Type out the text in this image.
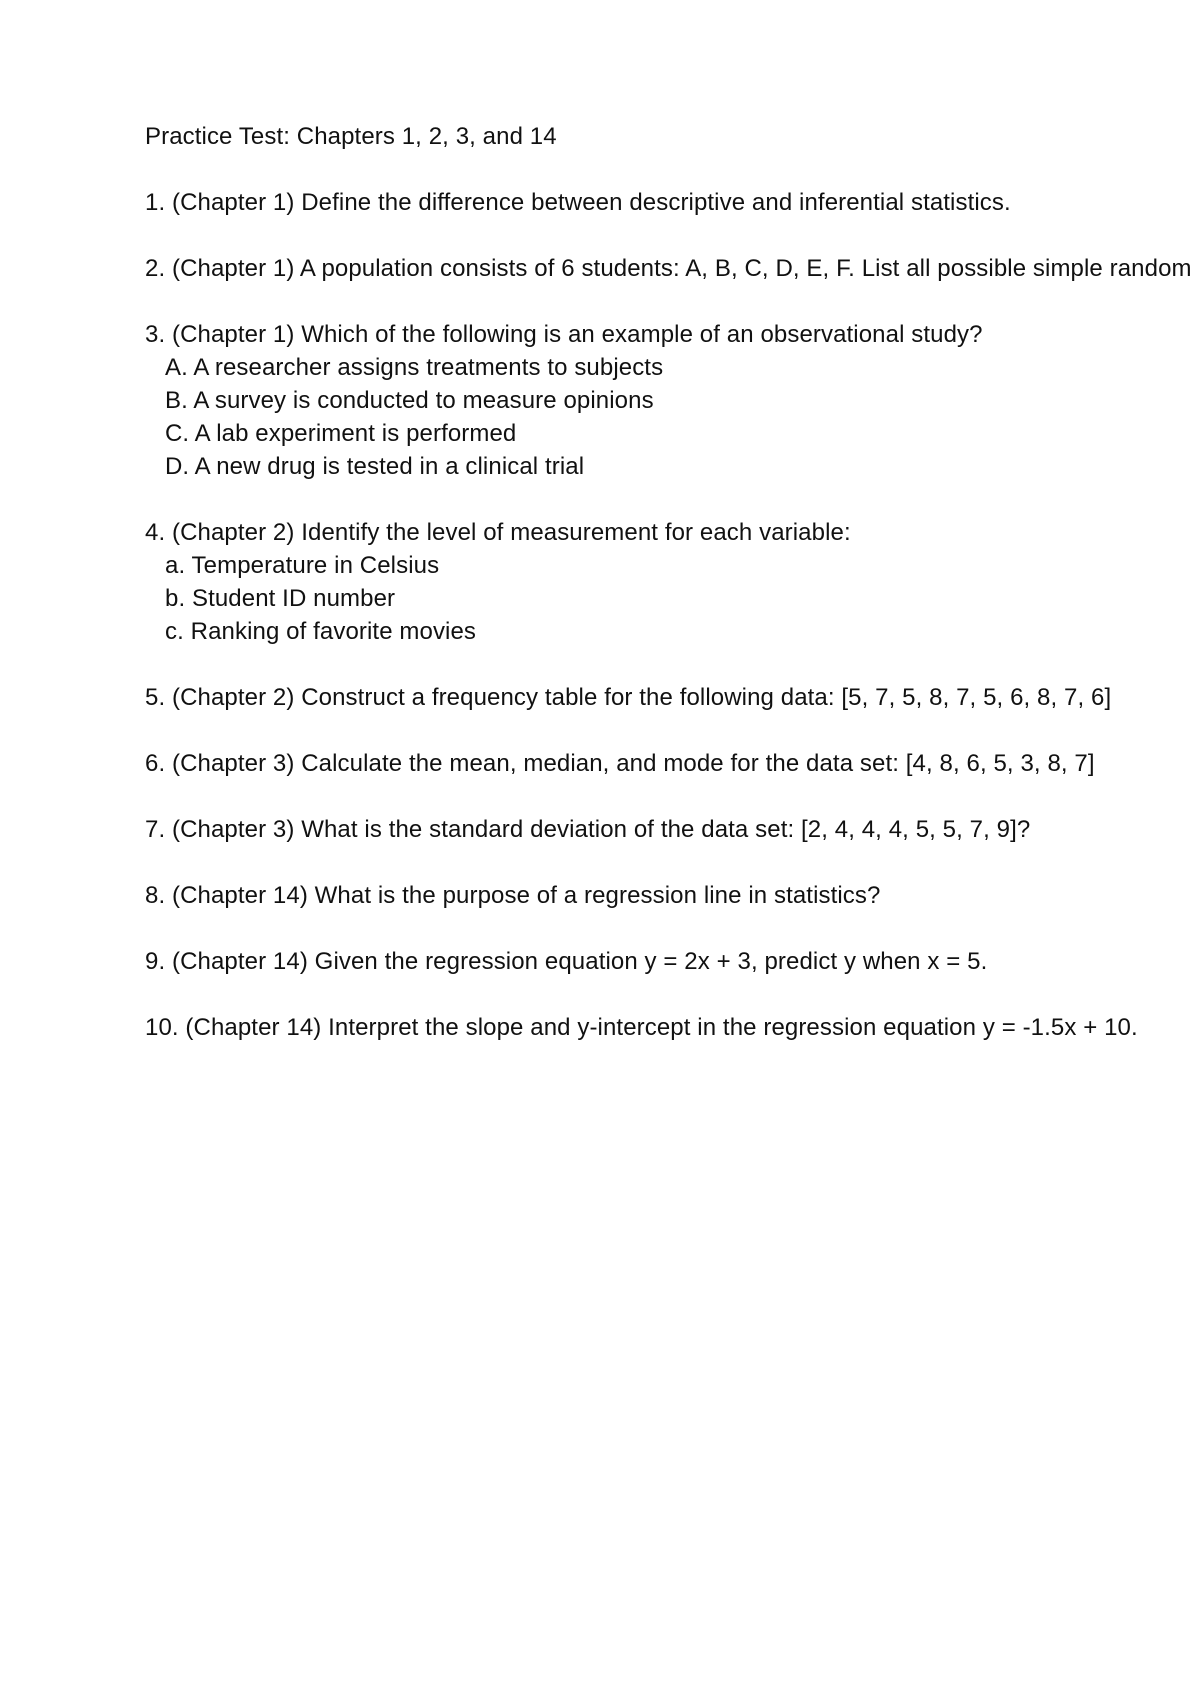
Practice Test: Chapters 1, 2, 3, and 14
1. (Chapter 1) Define the difference between descriptive and inferential statistics.
2. (Chapter 1) A population consists of 6 students: A, B, C, D, E, F. List all possible simple random
3. (Chapter 1) Which of the following is an example of an observational study?
A. A researcher assigns treatments to subjects
B. A survey is conducted to measure opinions
C. A lab experiment is performed
D. A new drug is tested in a clinical trial
4. (Chapter 2) Identify the level of measurement for each variable:
a. Temperature in Celsius
b. Student ID number
c. Ranking of favorite movies
5. (Chapter 2) Construct a frequency table for the following data: [5, 7, 5, 8, 7, 5, 6, 8, 7, 6]
6. (Chapter 3) Calculate the mean, median, and mode for the data set: [4, 8, 6, 5, 3, 8, 7]
7. (Chapter 3) What is the standard deviation of the data set: [2, 4, 4, 4, 5, 5, 7, 9]?
8. (Chapter 14) What is the purpose of a regression line in statistics?
9. (Chapter 14) Given the regression equation y = 2x + 3, predict y when x = 5.
10. (Chapter 14) Interpret the slope and y-intercept in the regression equation y = -1.5x + 10.
